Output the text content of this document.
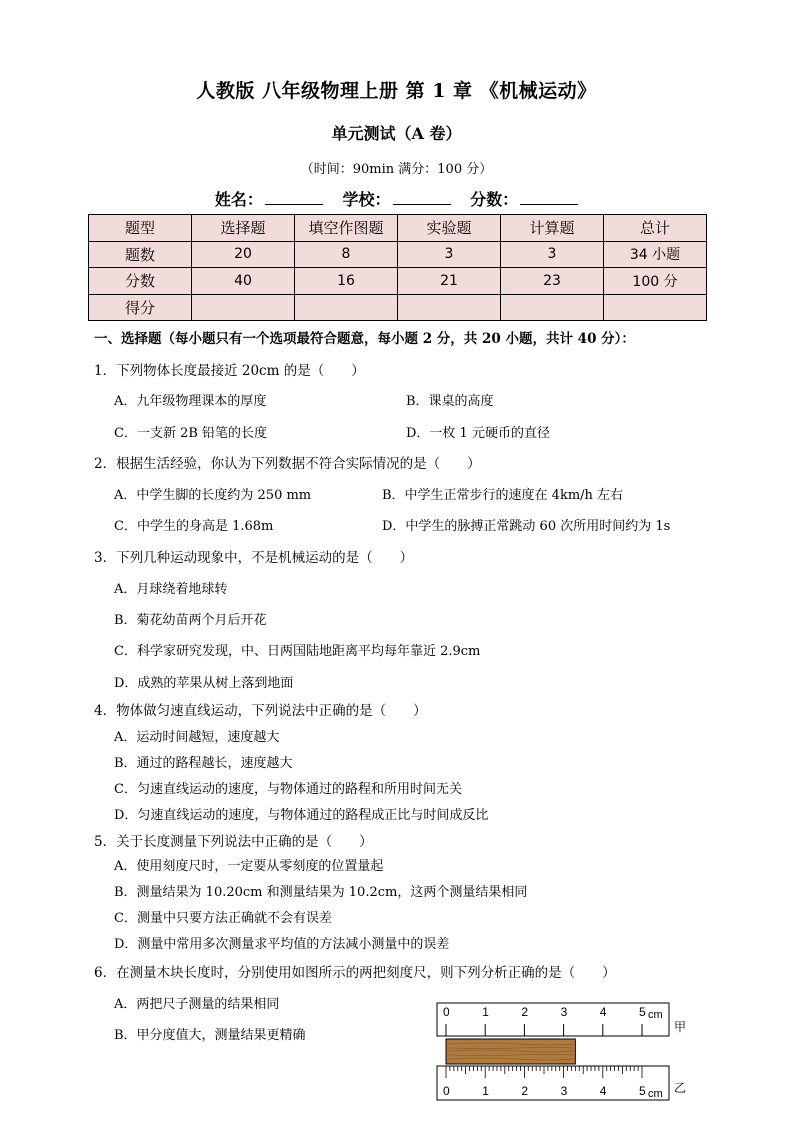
人教版 八年级物理上册 第 1 章 《机械运动》
单元测试（A 卷）
（时间：90min 满分：100 分）
姓名：	学校：	分数：
题型	选择题	填空作图题	实验题	计算题	总计
题数	20	8	3	3	34 小题
分数	40	16	21	23	100 分
得分					
一、选择题（每小题只有一个选项最符合题意，每小题 2 分，共 20 小题，共计 40 分）：
1．下列物体长度最接近 20cm 的是（　　）
A．九年级物理课本的厚度	B．课桌的高度
C．一支新 2B 铅笔的长度	D．一枚 1 元硬币的直径
2．根据生活经验，你认为下列数据不符合实际情况的是（　　）
A．中学生脚的长度约为 250 mm	B．中学生正常步行的速度在 4km/h 左右
C．中学生的身高是 1.68m	D．中学生的脉搏正常跳动 60 次所用时间约为 1s
3．下列几种运动现象中，不是机械运动的是（　　）
A．月球绕着地球转
B．菊花幼苗两个月后开花
C．科学家研究发现，中、日两国陆地距离平均每年靠近 2.9cm
D．成熟的苹果从树上落到地面
4．物体做匀速直线运动，下列说法中正确的是（　　）
A．运动时间越短，速度越大
B．通过的路程越长，速度越大
C．匀速直线运动的速度，与物体通过的路程和所用时间无关
D．匀速直线运动的速度，与物体通过的路程成正比与时间成反比
5．关于长度测量下列说法中正确的是（　　）
A．使用刻度尺时，一定要从零刻度的位置量起
B．测量结果为 10.20cm 和测量结果为 10.2cm，这两个测量结果相同
C．测量中只要方法正确就不会有误差
D．测量中常用多次测量求平均值的方法减小测量中的误差
6．在测量木块长度时，分别使用如图所示的两把刻度尺，则下列分析正确的是（　　）
A．两把尺子测量的结果相同
B．甲分度值大，测量结果更精确
0	1	2	3	4	5 cm
甲
0	1	2	3	4	5 cm 乙
